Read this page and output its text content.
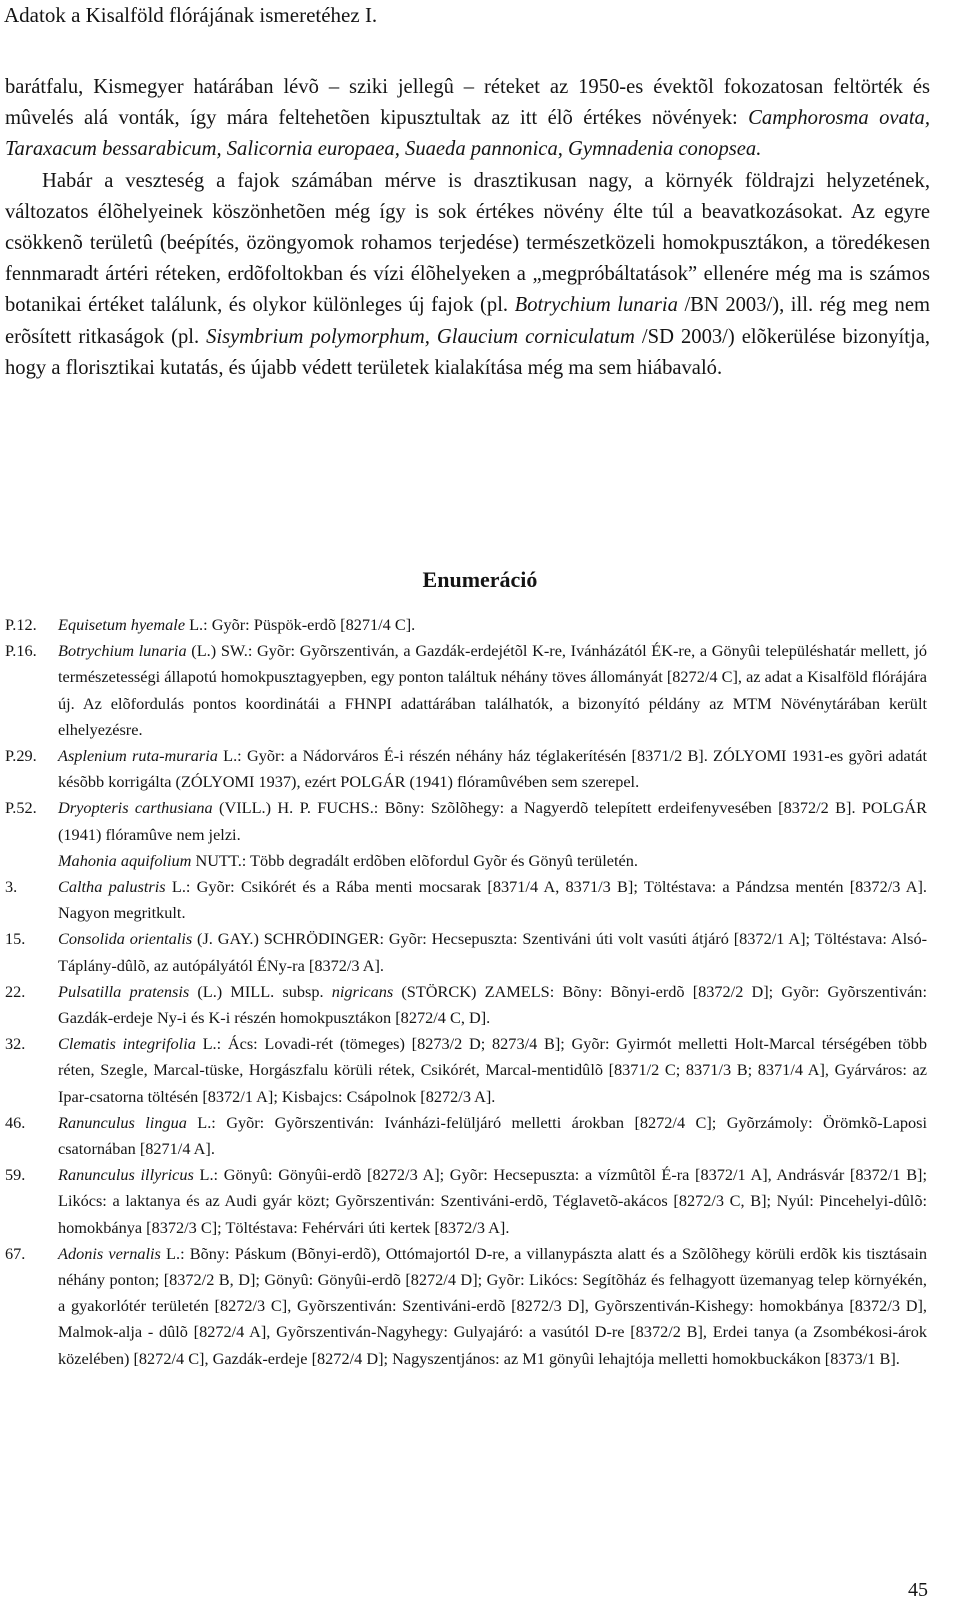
Adatok a Kisalföld flórájának ismeretéhez I.

barátfalu, Kismegyer határában lévõ – sziki jellegû – réteket az 1950-es évektõl fokozatosan feltörték és mûvelés alá vonták, így mára feltehetõen kipusztultak az itt élõ értékes növények: Camphorosma ovata, Taraxacum bessarabicum, Salicornia europaea, Suaeda pannonica, Gymnadenia conopsea.

Habár a veszteség a fajok számában mérve is drasztikusan nagy, a környék földrajzi helyzetének, változatos élõhelyeinek köszönhetõen még így is sok értékes növény élte túl a beavatkozásokat. Az egyre csökkenõ területû (beépítés, özöngyomok rohamos terjedése) természetközeli homokpusztákon, a töredékesen fennmaradt ártéri réteken, erdõfoltokban és vízi élõhelyeken a „megpróbáltatások” ellenére még ma is számos botanikai értéket találunk, és olykor különleges új fajok (pl. Botrychium lunaria /BN 2003/), ill. rég meg nem erõsített ritkaságok (pl. Sisymbrium polymorphum, Glaucium corniculatum /SD 2003/) elõkerülése bizonyítja, hogy a florisztikai kutatás, és újabb védett területek kialakítása még ma sem hiábavaló.

Enumeráció

P.12. Equisetum hyemale L.: Gyõr: Püspök-erdõ [8271/4 C].

P.16. Botrychium lunaria (L.) SW.: Gyõr: Gyõrszentiván, a Gazdák-erdejétõl K-re, Ivánházától ÉK-re, a Gönyûi településhatár mellett, jó természetességi állapotú homokpusztagyepben, egy ponton találtuk néhány töves állományát [8272/4 C], az adat a Kisalföld flórájára új. Az elõfordulás pontos koordinátái a FHNPI adattárában találhatók, a bizonyító példány az MTM Növénytárában került elhelyezésre.

P.29. Asplenium ruta-muraria L.: Gyõr: a Nádorváros É-i részén néhány ház téglakerítésén [8371/2 B]. ZÓLYOMI 1931-es gyõri adatát késõbb korrigálta (ZÓLYOMI 1937), ezért POLGÁR (1941) flóramûvében sem szerepel.

P.52. Dryopteris carthusiana (VILL.) H. P. FUCHS.: Bõny: Szõlõhegy: a Nagyerdõ telepített erdeifenyvesében [8372/2 B]. POLGÁR (1941) flóramûve nem jelzi.

Mahonia aquifolium NUTT.: Több degradált erdõben elõfordul Gyõr és Gönyû területén.

3.	Caltha palustris L.: Gyõr: Csikórét és a Rába menti mocsarak [8371/4 A, 8371/3 B]; Töltéstava: a Pándzsa mentén [8372/3 A]. Nagyon megritkult.

15. Consolida orientalis (J. GAY.) SCHRÖDINGER: Gyõr: Hecsepuszta: Szentiváni úti volt vasúti átjáró [8372/1 A]; Töltéstava: Alsó-Táplány-dûlõ, az autópályától ÉNy-ra [8372/3 A].

22. Pulsatilla pratensis (L.) MILL. subsp. nigricans (STÖRCK) ZAMELS: Bõny: Bõnyi-erdõ [8372/2 D]; Gyõr: Gyõrszentiván: Gazdák-erdeje Ny-i és K-i részén homokpusztákon [8272/4 C, D].

32. Clematis integrifolia L.: Ács: Lovadi-rét (tömeges) [8273/2 D; 8273/4 B]; Gyõr: Gyirmót melletti Holt-Marcal térségében több réten, Szegle, Marcal-tüske, Horgászfalu körüli rétek, Csikórét, Marcal-mentidûlõ [8371/2 C; 8371/3 B; 8371/4 A], Gyárváros: az Ipar-csatorna töltésén [8372/1 A]; Kisbajcs: Csápolnok [8272/3 A].

46. Ranunculus lingua L.: Gyõr: Gyõrszentiván: Ivánházi-felüljáró melletti árokban [8272/4 C]; Gyõrzámoly: Örömkõ-Laposi csatornában [8271/4 A].

59. Ranunculus illyricus L.: Gönyû: Gönyûi-erdõ [8272/3 A]; Gyõr: Hecsepuszta: a vízmûtõl É-ra [8372/1 A], Andrásvár [8372/1 B]; Likócs: a laktanya és az Audi gyár közt; Gyõrszentiván: Szentiváni-erdõ, Téglavetõ-akácos [8272/3 C, B]; Nyúl: Pincehelyi-dûlõ: homokbánya [8372/3 C]; Töltéstava: Fehérvári úti kertek [8372/3 A].

67. Adonis vernalis L.: Bõny: Páskum (Bõnyi-erdõ), Ottómajortól D-re, a villanypászta alatt és a Szõlõhegy körüli erdõk kis tisztásain néhány ponton; [8372/2 B, D]; Gönyû: Gönyûi-erdõ [8272/4 D]; Gyõr: Likócs: Segítõház és felhagyott üzemanyag telep környékén, a gyakorlótér területén [8272/3 C], Gyõrszentiván: Szentiváni-erdõ [8272/3 D], Gyõrszentiván-Kishegy: homokbánya [8372/3 D], Malmok-alja - dûlõ [8272/4 A], Gyõrszentiván-Nagyhegy: Gulyajáró: a vasútól D-re [8372/2 B], Erdei tanya (a Zsombékosi-árok közelében) [8272/4 C], Gazdák-erdeje [8272/4 D]; Nagyszentjános: az M1 gönyûi lehajtója melletti homokbuckákon [8373/1 B].

45
